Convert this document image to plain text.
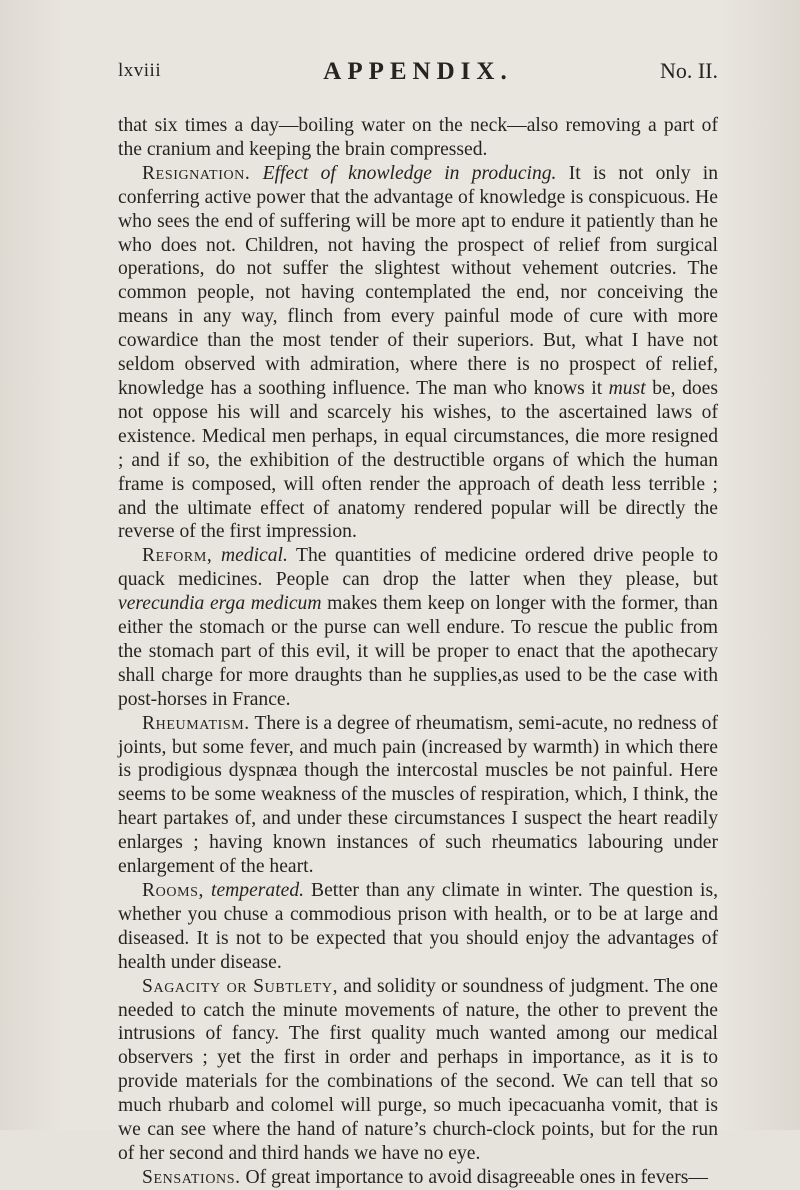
lxviii	APPENDIX.	No. II.

that six times a day—boiling water on the neck—also removing a part of the cranium and keeping the brain compressed.

Resignation. Effect of knowledge in producing. It is not only in conferring active power that the advantage of knowledge is conspicuous. He who sees the end of suffering will be more apt to endure it patiently than he who does not. Children, not having the prospect of relief from surgical operations, do not suffer the slightest without vehement outcries. The common people, not having contemplated the end, nor conceiving the means in any way, flinch from every painful mode of cure with more cowardice than the most tender of their superiors. But, what I have not seldom observed with admiration, where there is no prospect of relief, knowledge has a soothing influence. The man who knows it must be, does not oppose his will and scarcely his wishes, to the ascertained laws of existence. Medical men perhaps, in equal circumstances, die more resigned ; and if so, the exhibition of the destructible organs of which the human frame is composed, will often render the approach of death less terrible ; and the ultimate effect of anatomy rendered popular will be directly the reverse of the first impression.

Reform, medical. The quantities of medicine ordered drive people to quack medicines. People can drop the latter when they please, but verecundia erga medicum makes them keep on longer with the former, than either the stomach or the purse can well endure. To rescue the public from the stomach part of this evil, it will be proper to enact that the apothecary shall charge for more draughts than he supplies,as used to be the case with post-horses in France.

Rheumatism. There is a degree of rheumatism, semi-acute, no redness of joints, but some fever, and much pain (increased by warmth) in which there is prodigious dyspnæa though the intercostal muscles be not painful. Here seems to be some weakness of the muscles of respiration, which, I think, the heart partakes of, and under these circumstances I suspect the heart readily enlarges ; having known instances of such rheumatics labouring under enlargement of the heart.

Rooms, temperated. Better than any climate in winter. The question is, whether you chuse a commodious prison with health, or to be at large and diseased. It is not to be expected that you should enjoy the advantages of health under disease.

Sagacity or Subtlety, and solidity or soundness of judgment. The one needed to catch the minute movements of nature, the other to prevent the intrusions of fancy. The first quality much wanted among our medical observers ; yet the first in order and perhaps in importance, as it is to provide materials for the combinations of the second. We can tell that so much rhubarb and colomel will purge, so much ipecacuanha vomit, that is we can see where the hand of nature’s church-clock points, but for the run of her second and third hands we have no eye.

Sensations. Of great importance to avoid disagreeable ones in fevers—
